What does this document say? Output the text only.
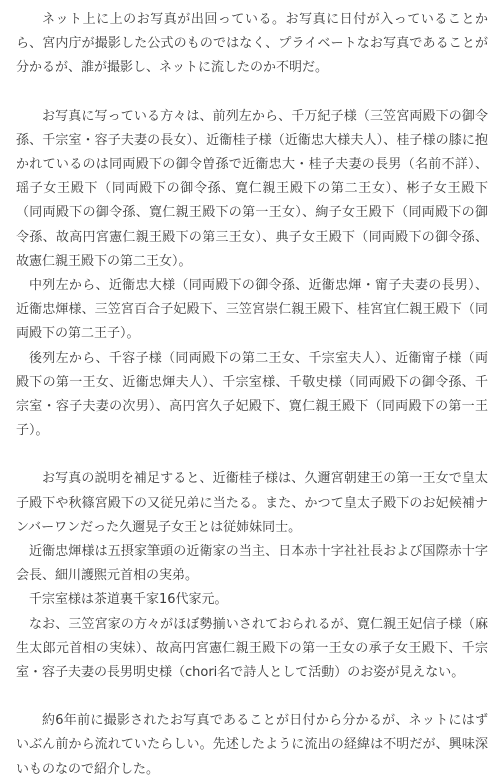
ネット上に上のお写真が出回っている。お写真に日付が入っていることから、宮内庁が撮影した公式のものではなく、プライベートなお写真であることが分かるが、誰が撮影し、ネットに流したのか不明だ。

お写真に写っている方々は、前列左から、千万紀子様（三笠宮両殿下の御令孫、千宗室・容子夫妻の長女）、近衞桂子様（近衞忠大様夫人）、桂子様の膝に抱かれているのは同両殿下の御令曽孫で近衞忠大・桂子夫妻の長男（名前不詳）、瑶子女王殿下（同両殿下の御令孫、寛仁親王殿下の第二王女）、彬子女王殿下（同両殿下の御令孫、寛仁親王殿下の第一王女）、絢子女王殿下（同両殿下の御令孫、故高円宮憲仁親王殿下の第三王女）、典子女王殿下（同両殿下の御令孫、故憲仁親王殿下の第二王女）。

中列左から、近衞忠大様（同両殿下の御令孫、近衞忠煇・甯子夫妻の長男）、近衞忠煇様、三笠宮百合子妃殿下、三笠宮崇仁親王殿下、桂宮宜仁親王殿下（同両殿下の第二王子）。

後列左から、千容子様（同両殿下の第二王女、千宗室夫人）、近衞甯子様（両殿下の第一王女、近衞忠煇夫人）、千宗室様、千敬史様（同両殿下の御令孫、千宗室・容子夫妻の次男）、高円宮久子妃殿下、寛仁親王殿下（同両殿下の第一王子）。

お写真の説明を補足すると、近衞桂子様は、久邇宮朝建王の第一王女で皇太子殿下や秋篠宮殿下の又従兄弟に当たる。また、かつて皇太子殿下のお妃候補ナンバーワンだった久邇晃子女王とは従姉妹同士。

近衞忠煇様は五摂家筆頭の近衛家の当主、日本赤十字社社長および国際赤十字会長、細川護煕元首相の実弟。

千宗室様は茶道裏千家16代家元。

なお、三笠宮家の方々がほぼ勢揃いされておられるが、寛仁親王妃信子様（麻生太郎元首相の実妹）、故高円宮憲仁親王殿下の第一王女の承子女王殿下、千宗室・容子夫妻の長男明史様（chori名で詩人として活動）のお姿が見えない。

約6年前に撮影されたお写真であることが日付から分かるが、ネットにはずいぶん前から流れていたらしい。先述したように流出の経緯は不明だが、興味深いものなので紹介した。
